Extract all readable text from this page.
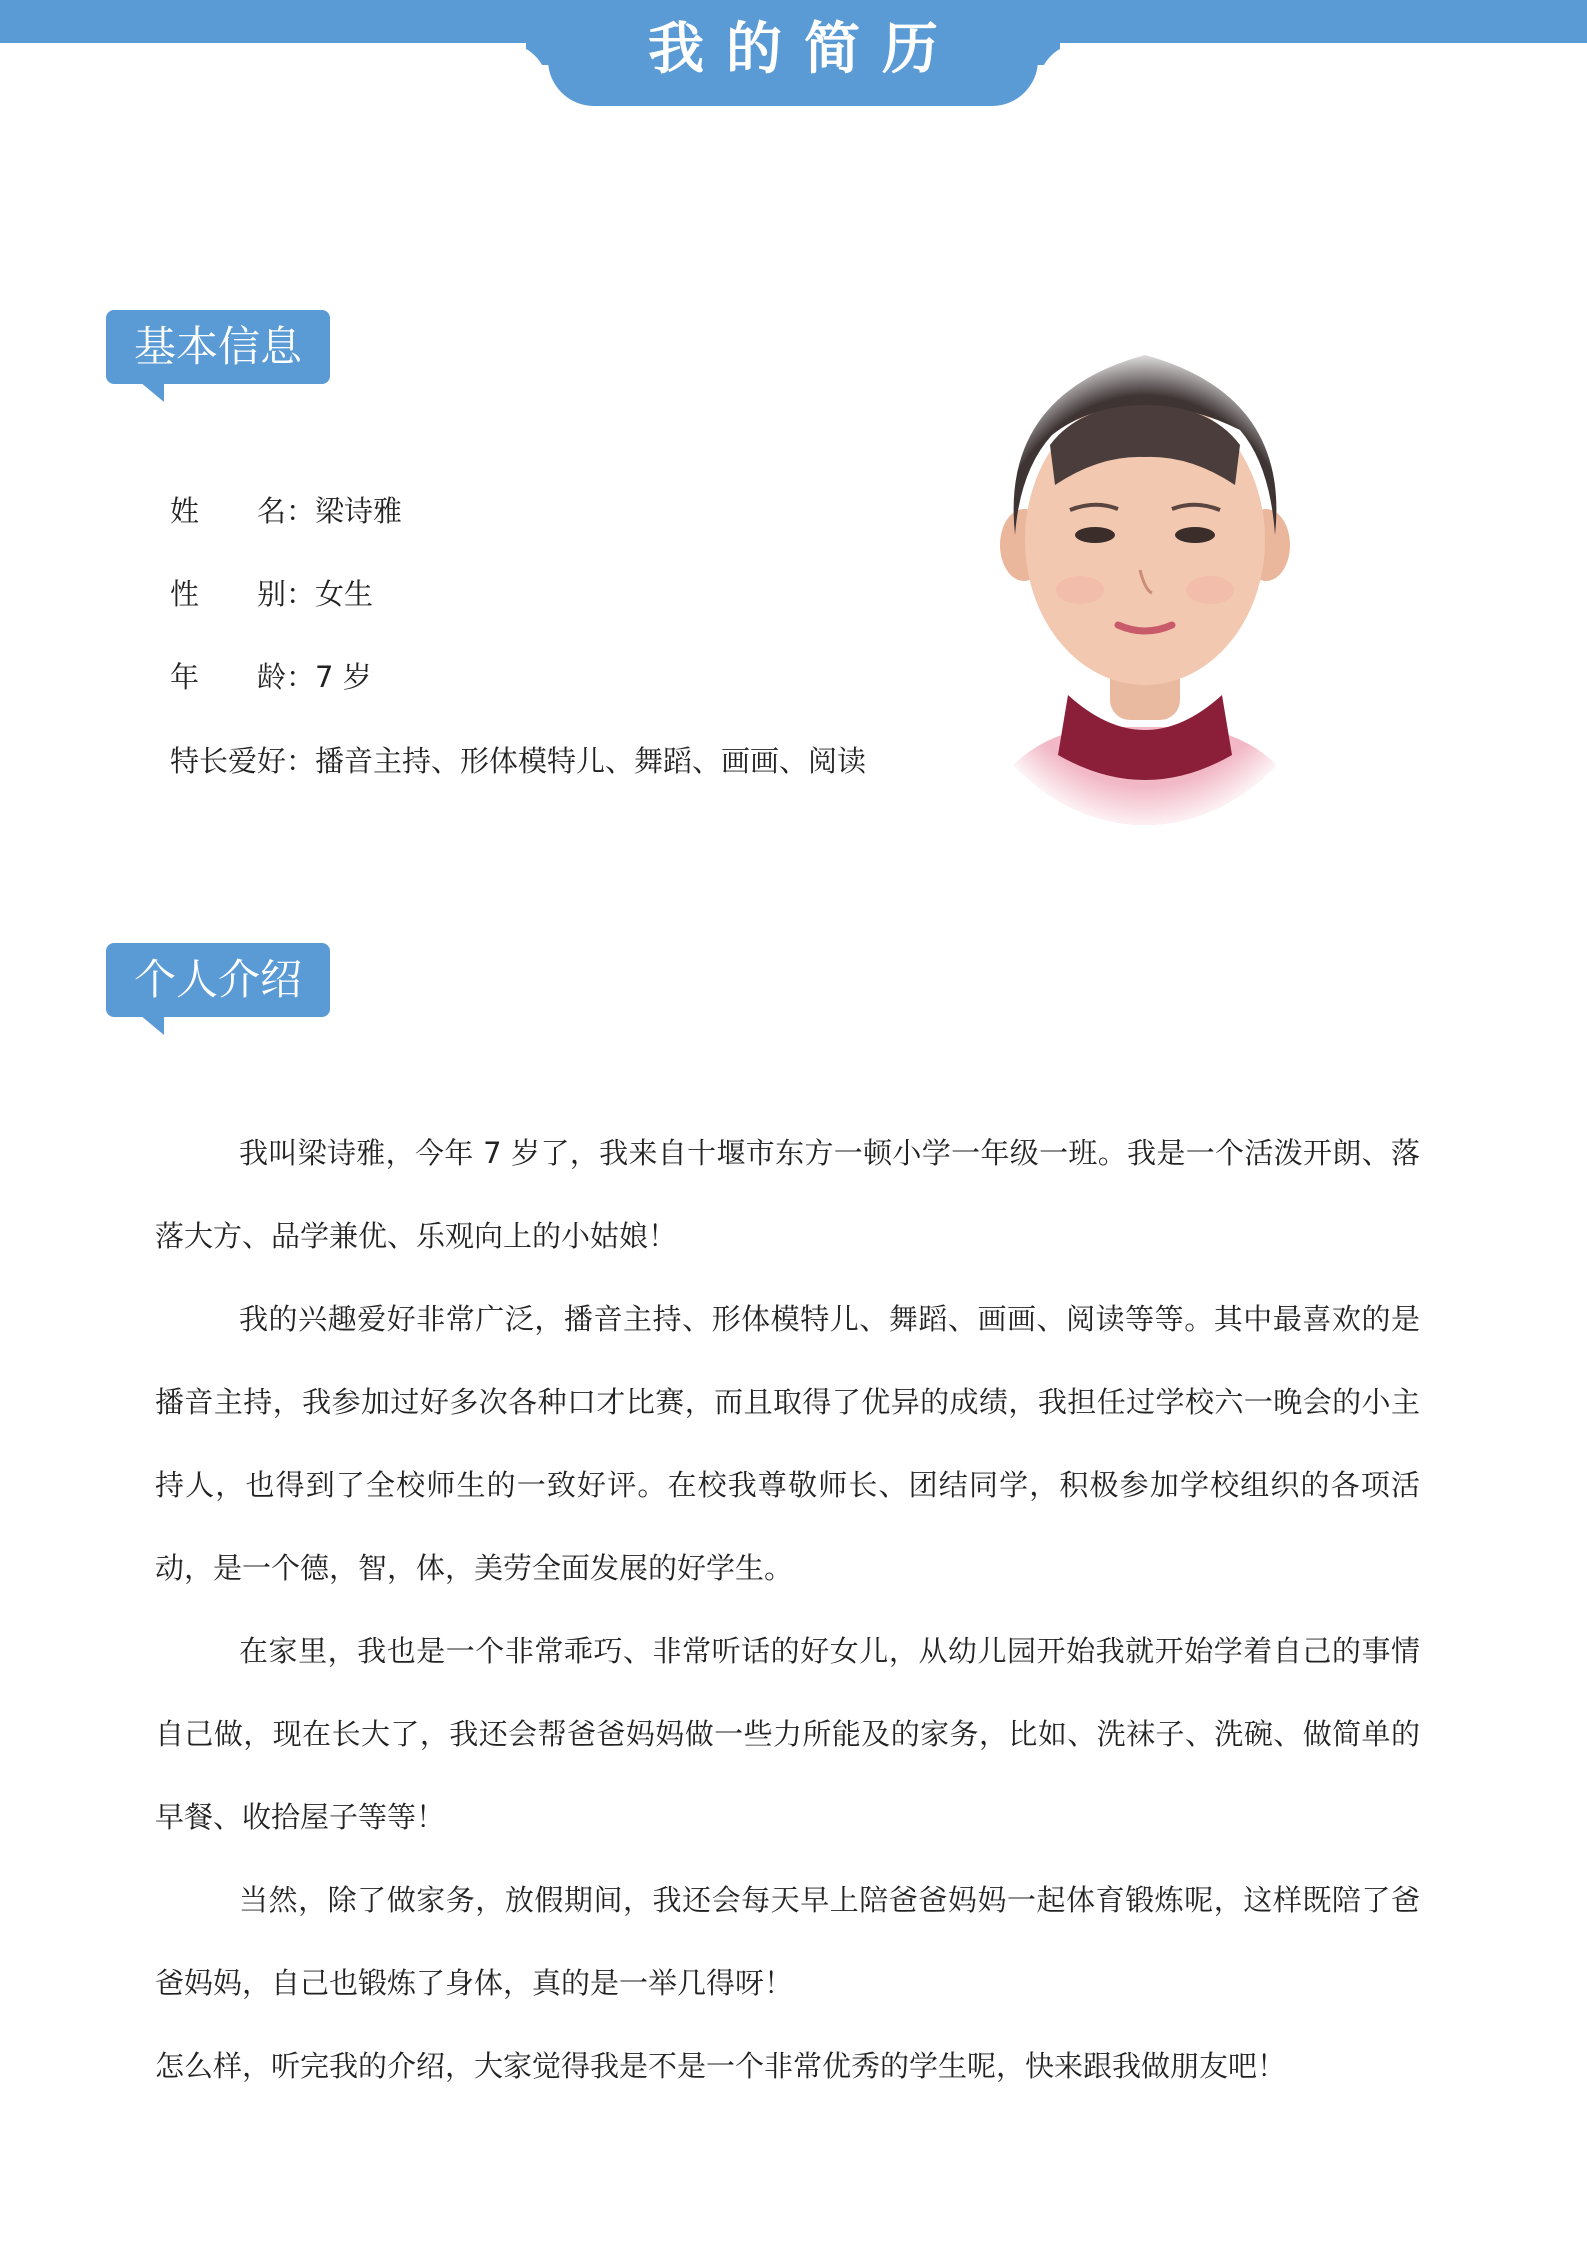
我的简历
基本信息
姓　　名：梁诗雅
性　　别：女生
年　　龄：7 岁
特长爱好：播音主持、形体模特儿、舞蹈、画画、阅读
个人介绍

我叫梁诗雅，今年 7 岁了，我来自十堰市东方一顿小学一年级一班。我是一个活泼开朗、落落大方、品学兼优、乐观向上的小姑娘！

我的兴趣爱好非常广泛，播音主持、形体模特儿、舞蹈、画画、阅读等等。其中最喜欢的是播音主持，我参加过好多次各种口才比赛，而且取得了优异的成绩，我担任过学校六一晚会的小主持人，也得到了全校师生的一致好评。在校我尊敬师长、团结同学，积极参加学校组织的各项活动，是一个德，智，体，美劳全面发展的好学生。

在家里，我也是一个非常乖巧、非常听话的好女儿，从幼儿园开始我就开始学着自己的事情自己做，现在长大了，我还会帮爸爸妈妈做一些力所能及的家务，比如、洗袜子、洗碗、做简单的早餐、收拾屋子等等！

当然，除了做家务，放假期间，我还会每天早上陪爸爸妈妈一起体育锻炼呢，这样既陪了爸爸妈妈，自己也锻炼了身体，真的是一举几得呀！

怎么样，听完我的介绍，大家觉得我是不是一个非常优秀的学生呢，快来跟我做朋友吧！
